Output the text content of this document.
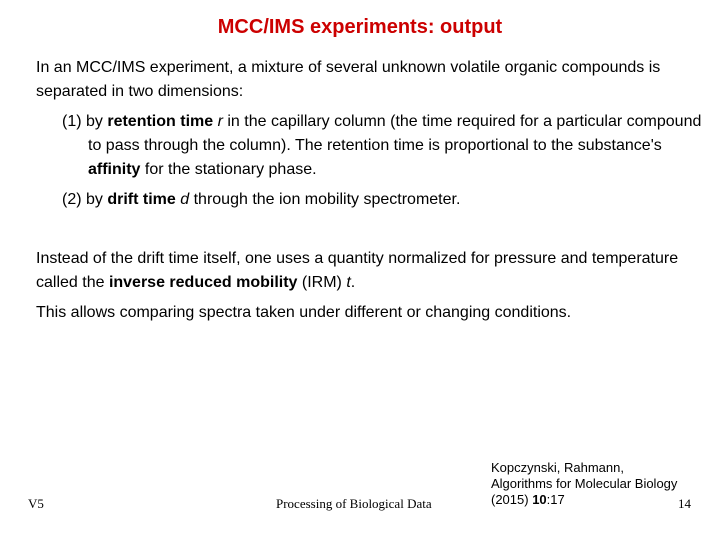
MCC/IMS experiments: output
In an MCC/IMS experiment, a mixture of several unknown volatile organic compounds is separated in two dimensions:
(1) by retention time r in the capillary column (the time required for a particular compound to pass through the column). The retention time is proportional to the substance's affinity for the stationary phase.
(2) by drift time d through the ion mobility spectrometer.
Instead of the drift time itself, one uses a quantity normalized for pressure and temperature called the inverse reduced mobility (IRM) t.
This allows comparing spectra taken under different or changing conditions.
V5	Processing of Biological Data
Kopczynski, Rahmann,
Algorithms for Molecular Biology
(2015) 10:17	14
